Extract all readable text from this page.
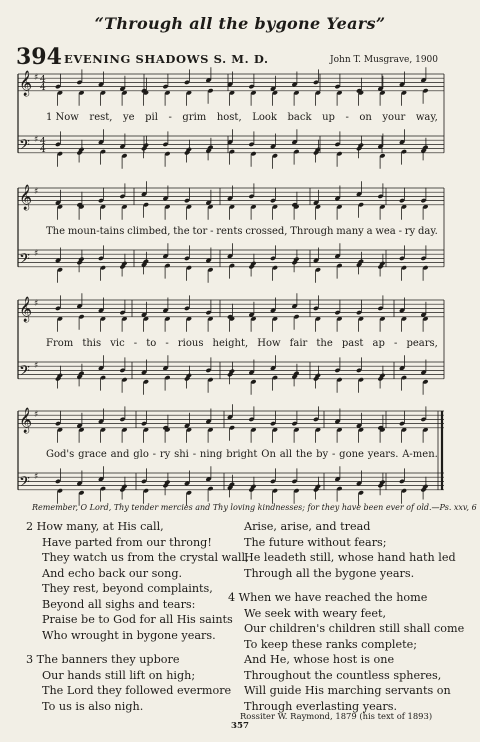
“Through all the bygone Years”
394 EVENING SHADOWS S. M. D.	John T. Musgrave, 1900
𝄞 ♯ 4
4
𝄢 ♯ 4
4
1 Now rest, ye pil - grim host, Look back up - on your way,
𝄞 ♯
𝄢 ♯
The moun-tains climbed, the tor - rents crossed, Through many a wea - ry day.
𝄞 ♯
𝄢 ♯
From this vic - to - rious height, How fair the past ap - pears,
𝄞 ♯
𝄢 ♯
God's grace and glo - ry shi - ning bright On all the by - gone years. A-men.
Remember, O Lord, Thy tender mercies and Thy loving kindnesses; for they have been ever of old.—Ps. xxv, 6
2 How many, at His call,
Have parted from our throng!
They watch us from the crystal wall,
And echo back our song.
They rest, beyond complaints,
Beyond all sighs and tears:
Praise be to God for all His saints
Who wrought in bygone years.
3 The banners they upbore
Our hands still lift on high;
The Lord they followed evermore
To us is also nigh.
Arise, arise, and tread
The future without fears;
He leadeth still, whose hand hath led
Through all the bygone years.
4 When we have reached the home
We seek with weary feet,
Our children's children still shall come
To keep these ranks complete;
And He, whose host is one
Throughout the countless spheres,
Will guide His marching servants on
Through everlasting years.
Rossiter W. Raymond, 1879 (his text of 1893)
357
